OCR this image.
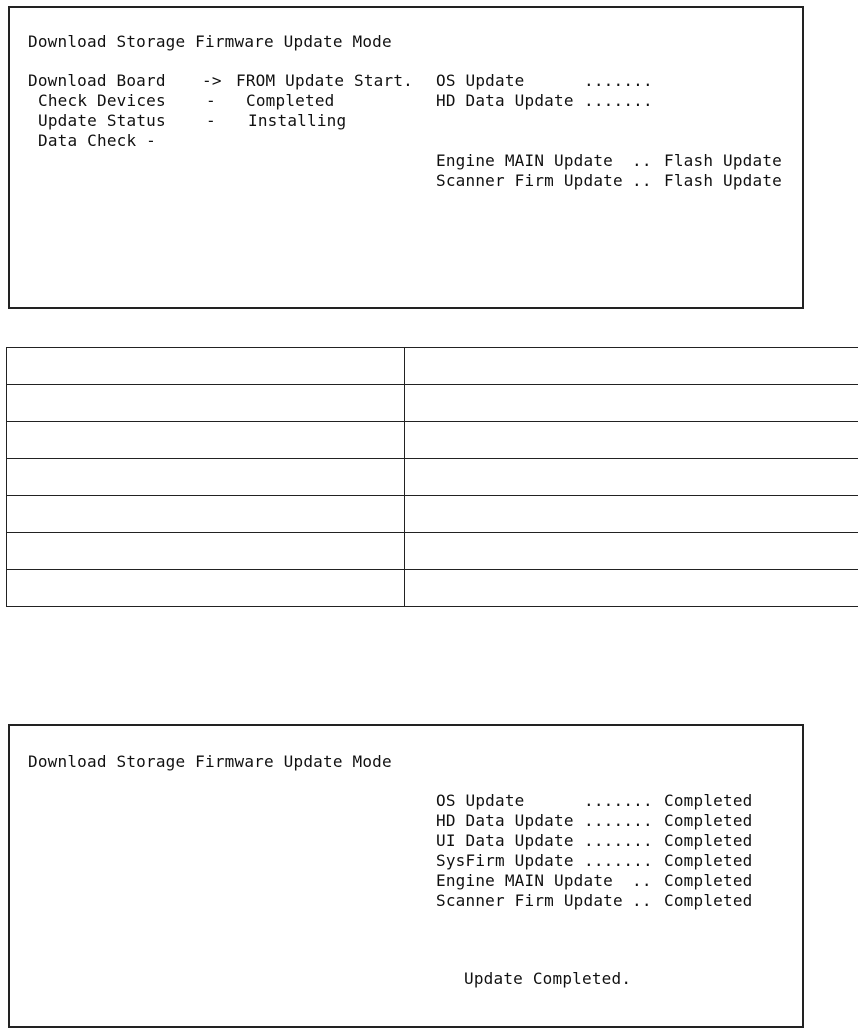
Download Storage Firmware Update Mode
Download Board -> FROM Update Start.
Check Devices	- Completed
Update Status	- Installing
Data Check -
OS Update	.......
HD Data Update .......
Engine MAIN Update .. Flash Update
Scanner Firm Update .. Flash Update

Download Storage Firmware Update Mode
OS Update	....... Completed
HD Data Update ....... Completed
UI Data Update ....... Completed
SysFirm Update ....... Completed
Engine MAIN Update .. Completed
Scanner Firm Update .. Completed
Update Completed.
